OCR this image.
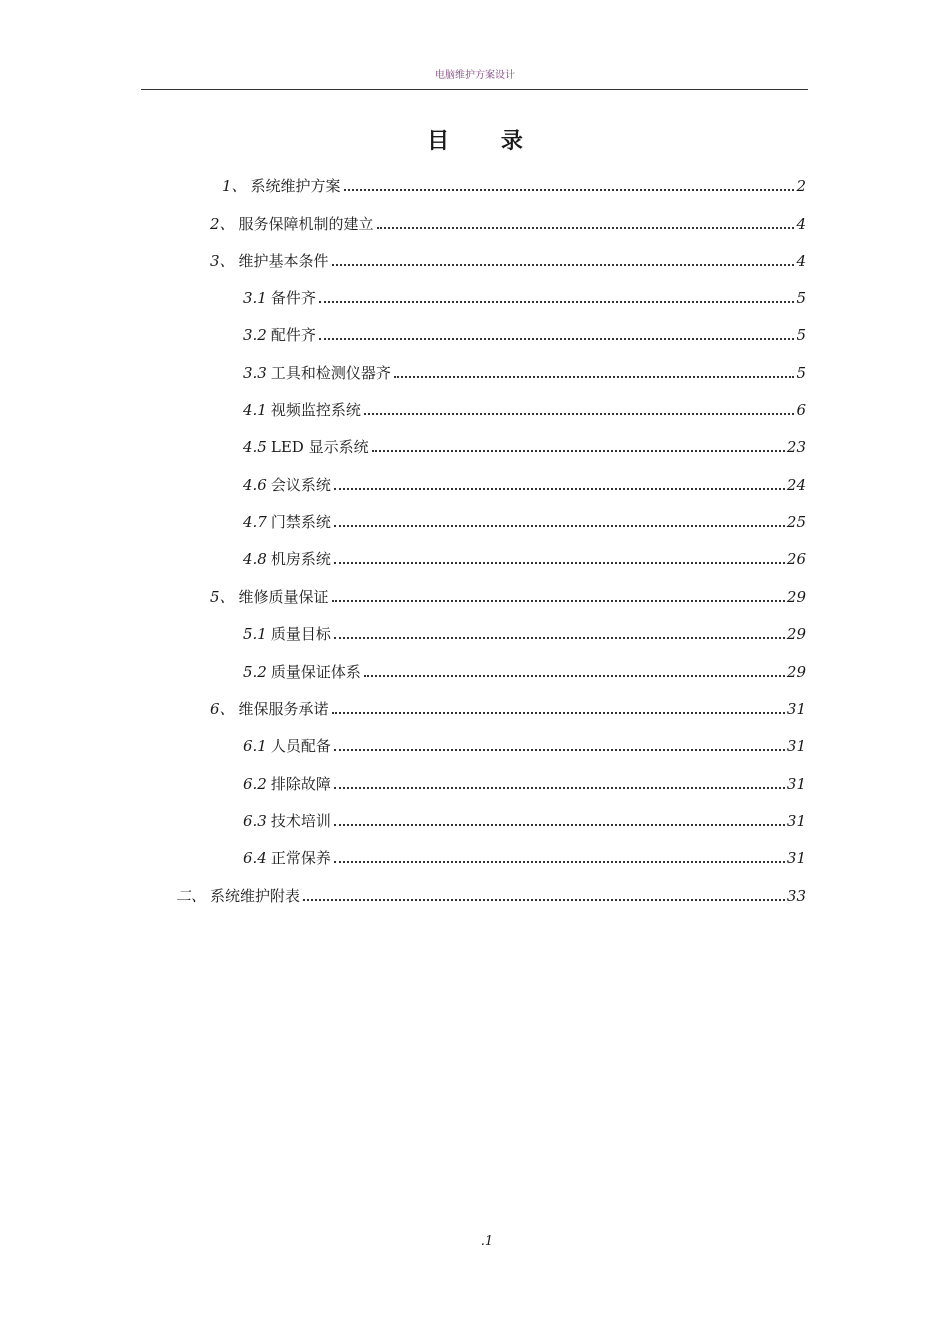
电脑维护方案设计
目 录
1、 系统维护方案	2
2、 服务保障机制的建立	4
3、 维护基本条件	4
3.1 备件齐	5
3.2 配件齐	5
3.3 工具和检测仪器齐	5
4.1 视频监控系统	6
4.5 LED 显示系统	23
4.6 会议系统	24
4.7 门禁系统	25
4.8 机房系统	26
5、 维修质量保证	29
5.1 质量目标	29
5.2 质量保证体系	29
6、 维保服务承诺	31
6.1 人员配备	31
6.2 排除故障	31
6.3 技术培训	31
6.4 正常保养	31
二、 系统维护附表	33
.1
